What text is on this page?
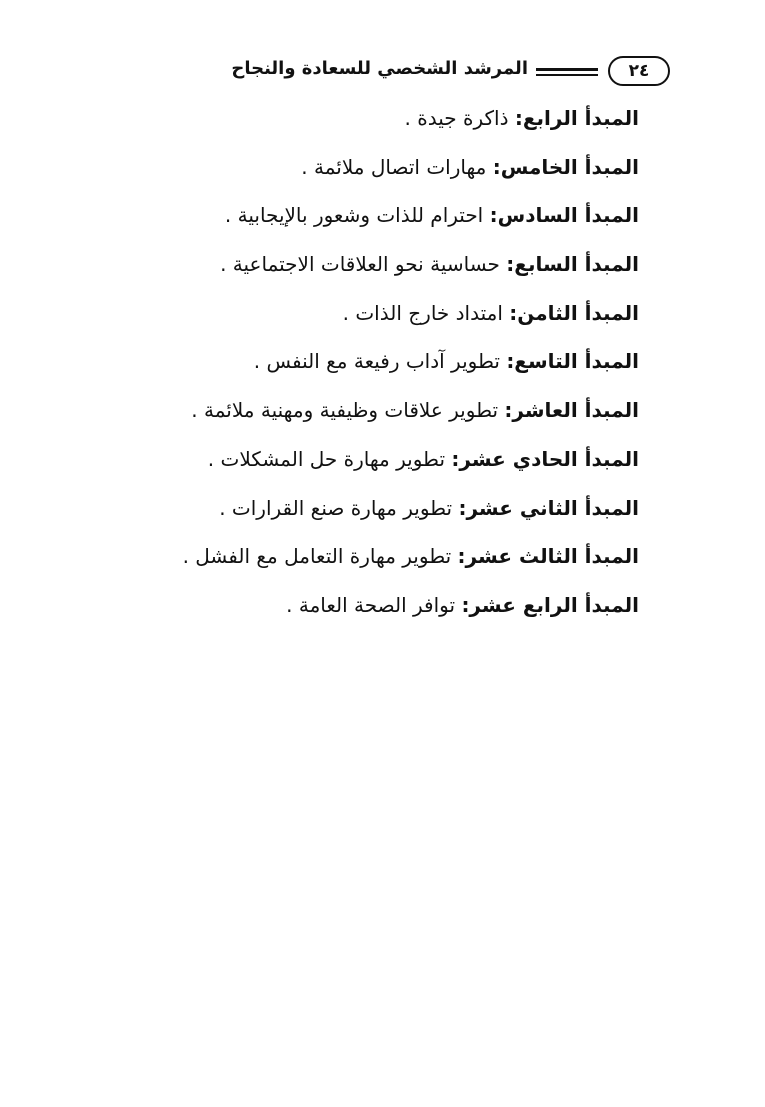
٢٤
المرشد الشخصي للسعادة والنجاح
المبدأ الرابع: ذاكرة جيدة .
المبدأ الخامس: مهارات اتصال ملائمة .
المبدأ السادس: احترام للذات وشعور بالإيجابية .
المبدأ السابع: حساسية نحو العلاقات الاجتماعية .
المبدأ الثامن: امتداد خارج الذات .
المبدأ التاسع: تطوير آداب رفيعة مع النفس .
المبدأ العاشر: تطوير علاقات وظيفية ومهنية ملائمة .
المبدأ الحادي عشر: تطوير مهارة حل المشكلات .
المبدأ الثاني عشر: تطوير مهارة صنع القرارات .
المبدأ الثالث عشر: تطوير مهارة التعامل مع الفشل .
المبدأ الرابع عشر: توافر الصحة العامة .
